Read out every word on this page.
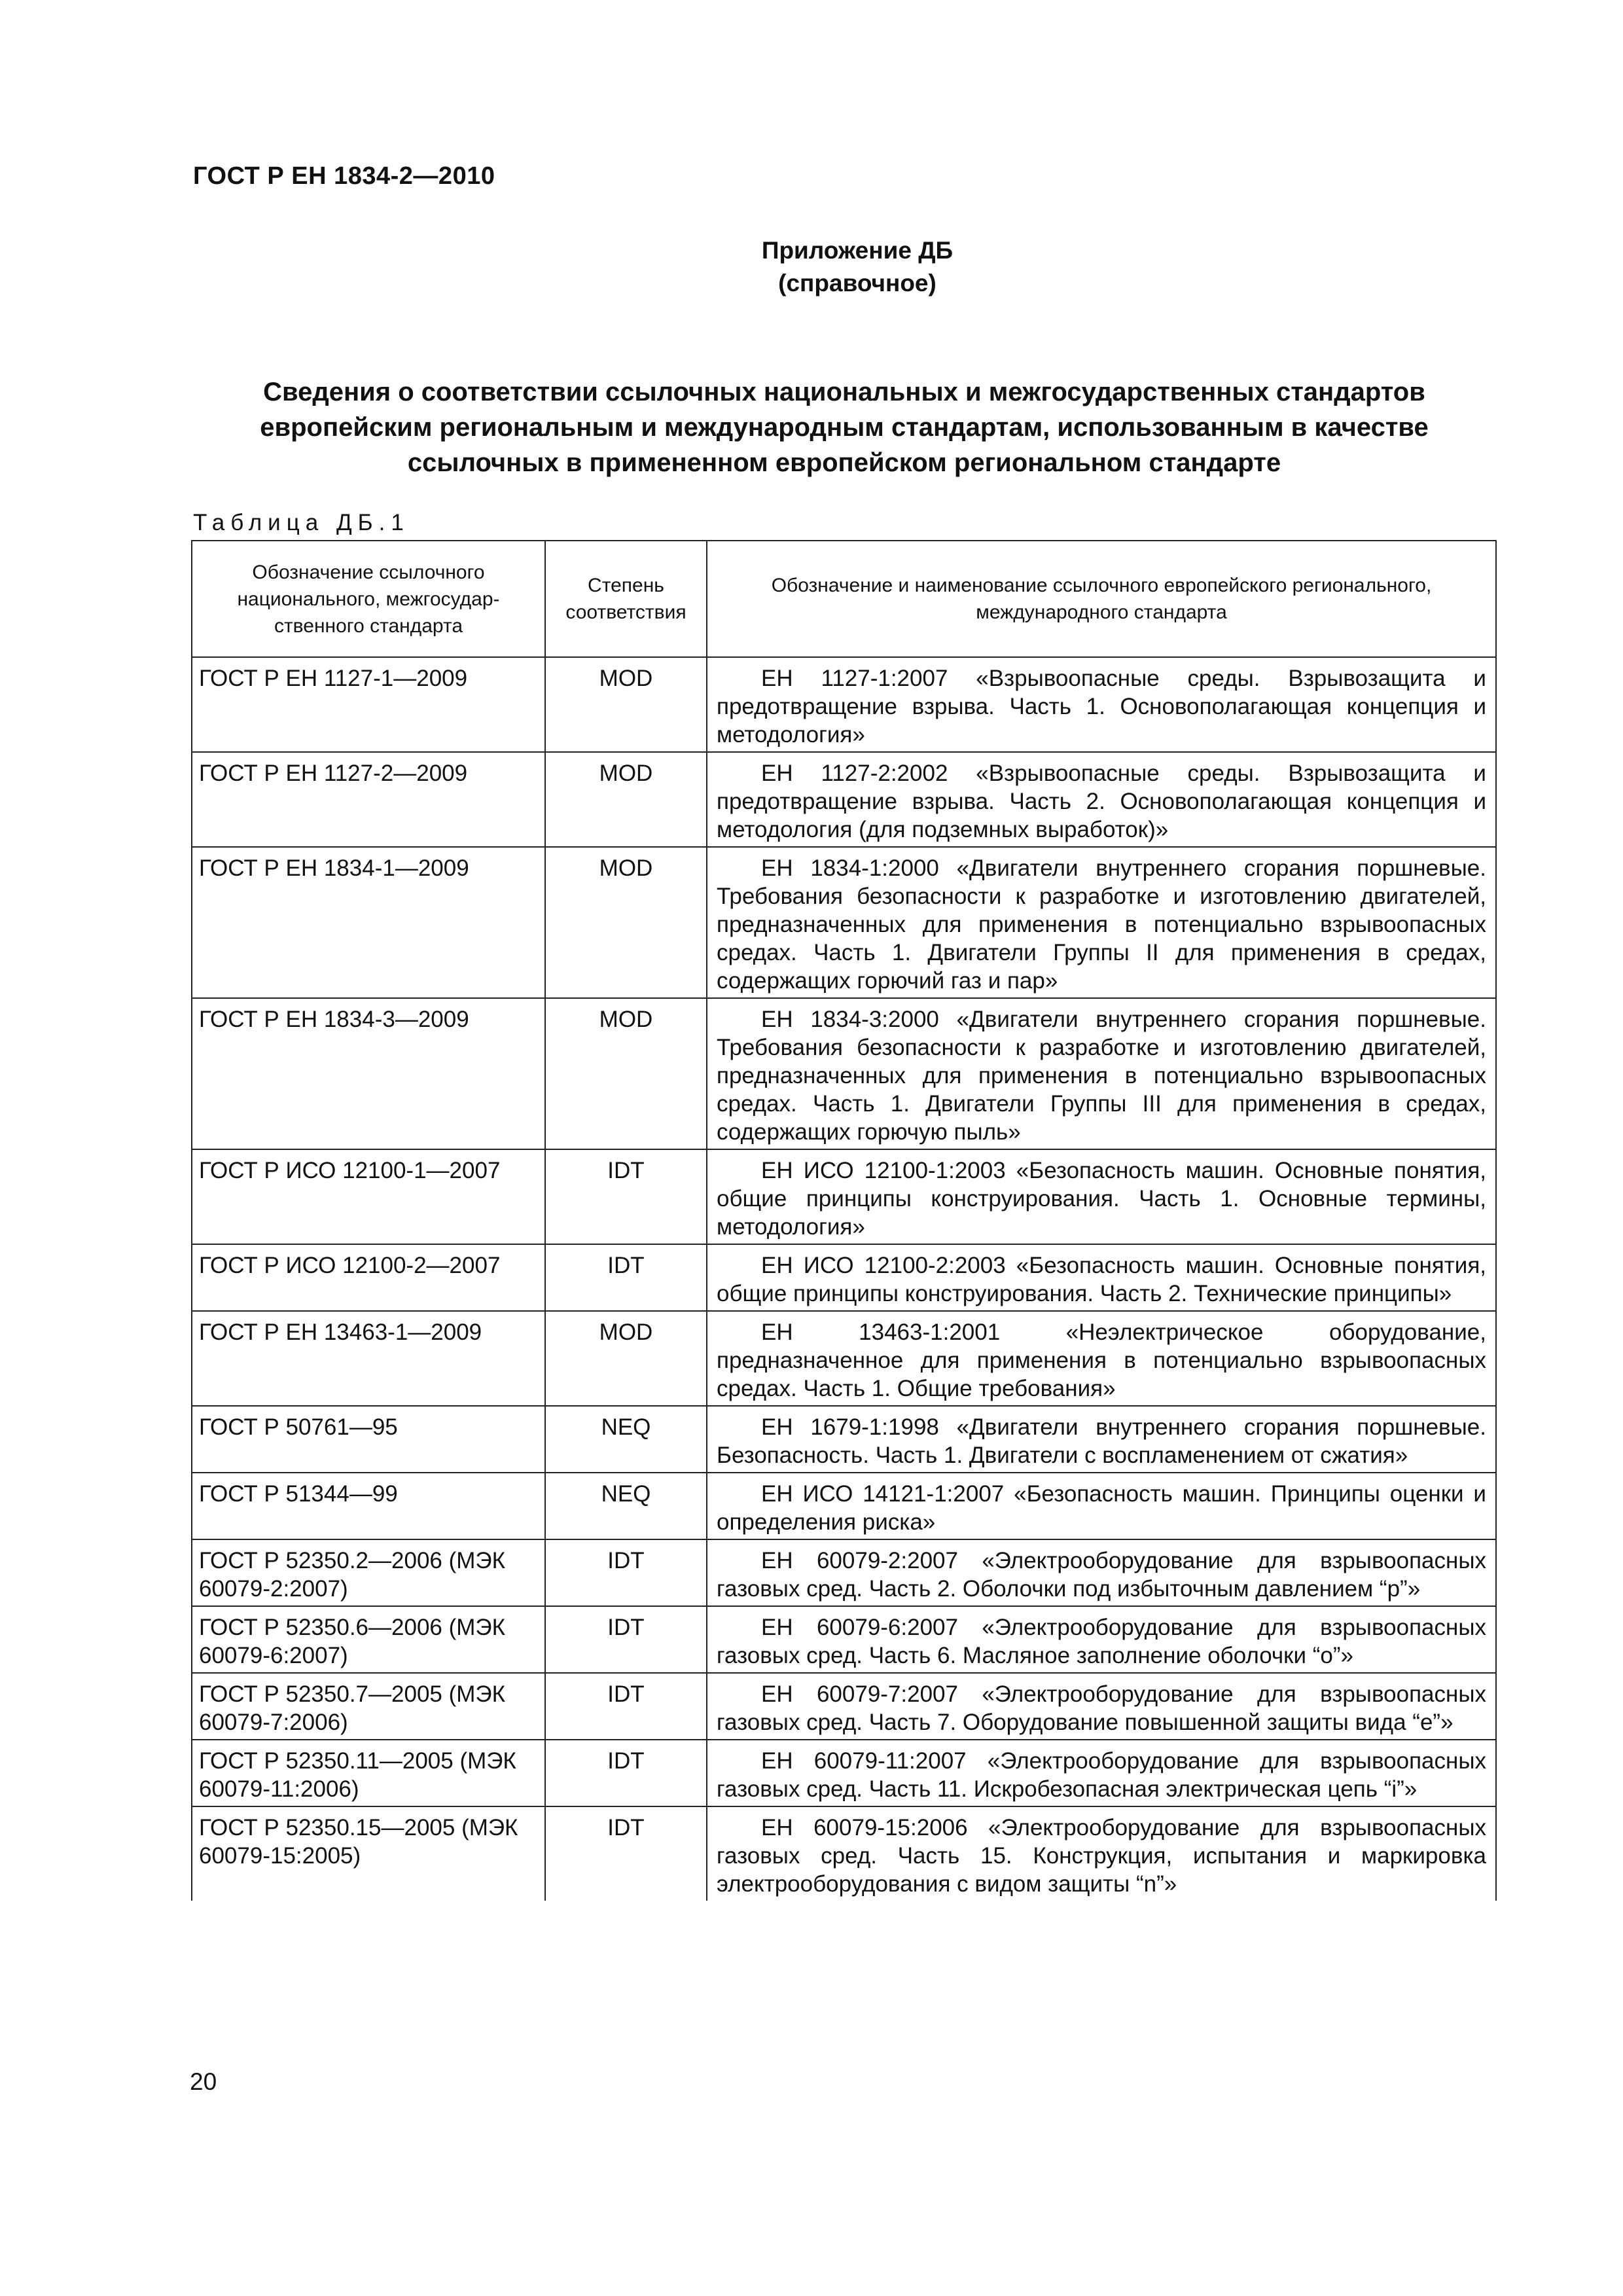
ГОСТ Р ЕН 1834-2—2010
Приложение ДБ
(справочное)
Сведения о соответствии ссылочных национальных и межгосударственных стандартов
европейским региональным и международным стандартам, использованным в качестве
ссылочных в примененном европейском региональном стандарте
Таблица ДБ.1
Обозначение ссылочного национального, межгосудар-ственного стандарта	Степень соответствия	Обозначение и наименование ссылочного европейского регионального, международного стандарта
ГОСТ Р ЕН 1127-1—2009	MOD	ЕН 1127-1:2007 «Взрывоопасные среды. Взрывозащита и предотвращение взрыва. Часть 1. Основополагающая концепция и методология»
ГОСТ Р ЕН 1127-2—2009	MOD	ЕН 1127-2:2002 «Взрывоопасные среды. Взрывозащита и предотвращение взрыва. Часть 2. Основополагающая концепция и методология (для подземных выработок)»
ГОСТ Р ЕН 1834-1—2009	MOD	ЕН 1834-1:2000 «Двигатели внутреннего сгорания поршневые. Требования безопасности к разработке и изготовлению двигателей, предназначенных для применения в потенциально взрывоопасных средах. Часть 1. Двигатели Группы II для применения в средах, содержащих горючий газ и пар»
ГОСТ Р ЕН 1834-3—2009	MOD	ЕН 1834-3:2000 «Двигатели внутреннего сгорания поршневые. Требования безопасности к разработке и изготовлению двигателей, предназначенных для применения в потенциально взрывоопасных средах. Часть 1. Двигатели Группы III для применения в средах, содержащих горючую пыль»
ГОСТ Р ИСО 12100-1—2007	IDT	ЕН ИСО 12100-1:2003 «Безопасность машин. Основные понятия, общие принципы конструирования. Часть 1. Основные термины, методология»
ГОСТ Р ИСО 12100-2—2007	IDT	ЕН ИСО 12100-2:2003 «Безопасность машин. Основные понятия, общие принципы конструирования. Часть 2. Технические принципы»
ГОСТ Р ЕН 13463-1—2009	MOD	ЕН 13463-1:2001 «Неэлектрическое оборудование, предназначенное для применения в потенциально взрывоопасных средах. Часть 1. Общие требования»
ГОСТ Р 50761—95	NEQ	ЕН 1679-1:1998 «Двигатели внутреннего сгорания поршневые. Безопасность. Часть 1. Двигатели с воспламенением от сжатия»
ГОСТ Р 51344—99	NEQ	ЕН ИСО 14121-1:2007 «Безопасность машин. Принципы оценки и определения риска»
ГОСТ Р 52350.2—2006 (МЭК 60079-2:2007)	IDT	ЕН 60079-2:2007 «Электрооборудование для взрывоопасных газовых сред. Часть 2. Оболочки под избыточным давлением “p”»
ГОСТ Р 52350.6—2006 (МЭК 60079-6:2007)	IDT	ЕН 60079-6:2007 «Электрооборудование для взрывоопасных газовых сред. Часть 6. Масляное заполнение оболочки “o”»
ГОСТ Р 52350.7—2005 (МЭК 60079-7:2006)	IDT	ЕН 60079-7:2007 «Электрооборудование для взрывоопасных газовых сред. Часть 7. Оборудование повышенной защиты вида “e”»
ГОСТ Р 52350.11—2005 (МЭК 60079-11:2006)	IDT	ЕН 60079-11:2007 «Электрооборудование для взрывоопасных газовых сред. Часть 11. Искробезопасная электрическая цепь “i”»
ГОСТ Р 52350.15—2005 (МЭК 60079-15:2005)	IDT	ЕН 60079-15:2006 «Электрооборудование для взрывоопасных газовых сред. Часть 15. Конструкция, испытания и маркировка электрооборудования с видом защиты “n”»
20
